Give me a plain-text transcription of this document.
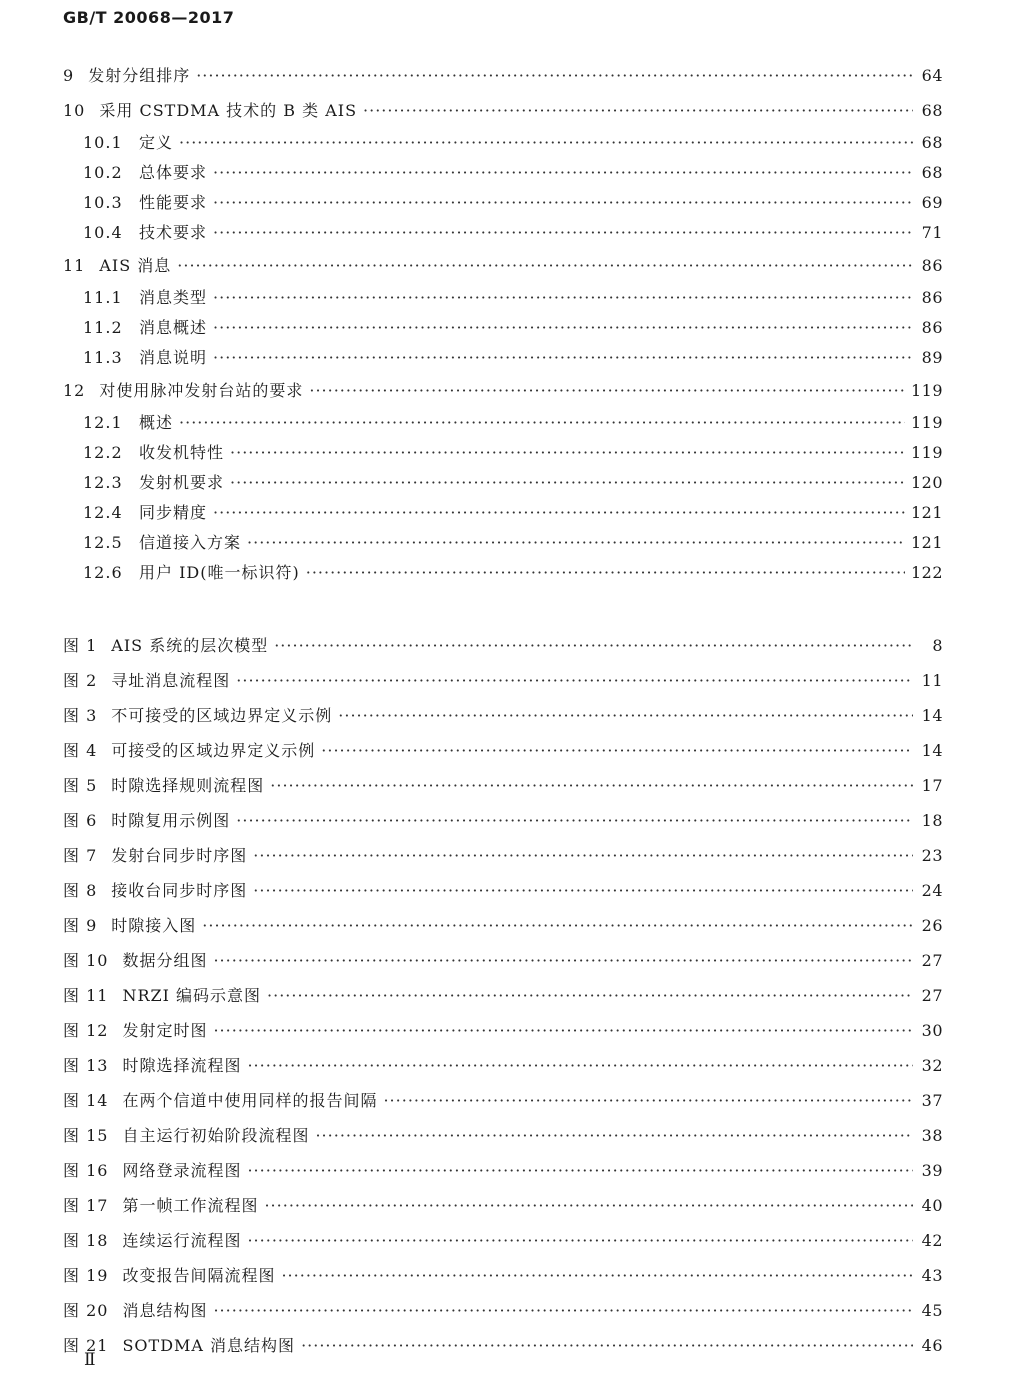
GB/T 20068—2017
9 发射分组排序 ·····	64
10 采用 CSTDMA 技术的 B 类 AIS ·····	68
10.1	定义 ·····	68
10.2	总体要求 ·····	68
10.3	性能要求 ·····	69
10.4	技术要求 ·····	71
11 AIS 消息 ·····	86
11.1	消息类型 ·····	86
11.2	消息概述 ·····	86
11.3	消息说明 ·····	89
12 对使用脉冲发射台站的要求 ·····	119
12.1	概述 ·····	119
12.2	收发机特性 ·····	119
12.3	发射机要求 ·····	120
12.4	同步精度 ·····	121
12.5	信道接入方案 ·····	121
12.6	用户 ID(唯一标识符) ·····	122
图 1 AIS 系统的层次模型 ·····	8
图 2 寻址消息流程图 ·····	11
图 3 不可接受的区域边界定义示例 ·····	14
图 4 可接受的区域边界定义示例 ·····	14
图 5 时隙选择规则流程图 ·····	17
图 6 时隙复用示例图 ·····	18
图 7 发射台同步时序图 ·····	23
图 8 接收台同步时序图 ·····	24
图 9 时隙接入图 ·····	26
图 10 数据分组图 ·····	27
图 11 NRZI 编码示意图 ·····	27
图 12 发射定时图 ·····	30
图 13 时隙选择流程图 ·····	32
图 14 在两个信道中使用同样的报告间隔 ·····	37
图 15 自主运行初始阶段流程图 ·····	38
图 16 网络登录流程图 ·····	39
图 17 第一帧工作流程图 ·····	40
图 18 连续运行流程图 ·····	42
图 19 改变报告间隔流程图 ·····	43
图 20 消息结构图 ·····	45
图 21 SOTDMA 消息结构图 ·····	46
Ⅱ
